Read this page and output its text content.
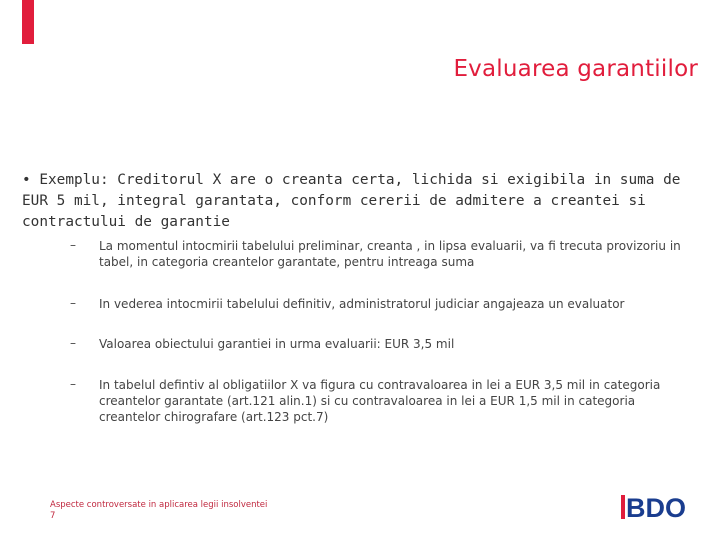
Evaluarea garantiilor
• Exemplu: Creditorul X are o creanta certa, lichida si exigibila in suma de EUR 5 mil, integral garantata, conform cererii de admitere a creantei si contractului de garantie
– La momentul intocmirii tabelului preliminar, creanta , in lipsa evaluarii, va fi trecuta provizoriu in tabel, in categoria creantelor garantate, pentru intreaga suma
– In vederea intocmirii tabelului definitiv, administratorul judiciar angajeaza un evaluator
– Valoarea obiectului garantiei in urma evaluarii: EUR 3,5 mil
– In tabelul defintiv al obligatiilor X va figura cu contravaloarea in lei a EUR 3,5 mil in categoria creantelor garantate (art.121 alin.1) si cu contravaloarea in lei a EUR 1,5 mil in categoria creantelor chirografare (art.123 pct.7)
Aspecte controversate in aplicarea legii insolventei
7	BDO
